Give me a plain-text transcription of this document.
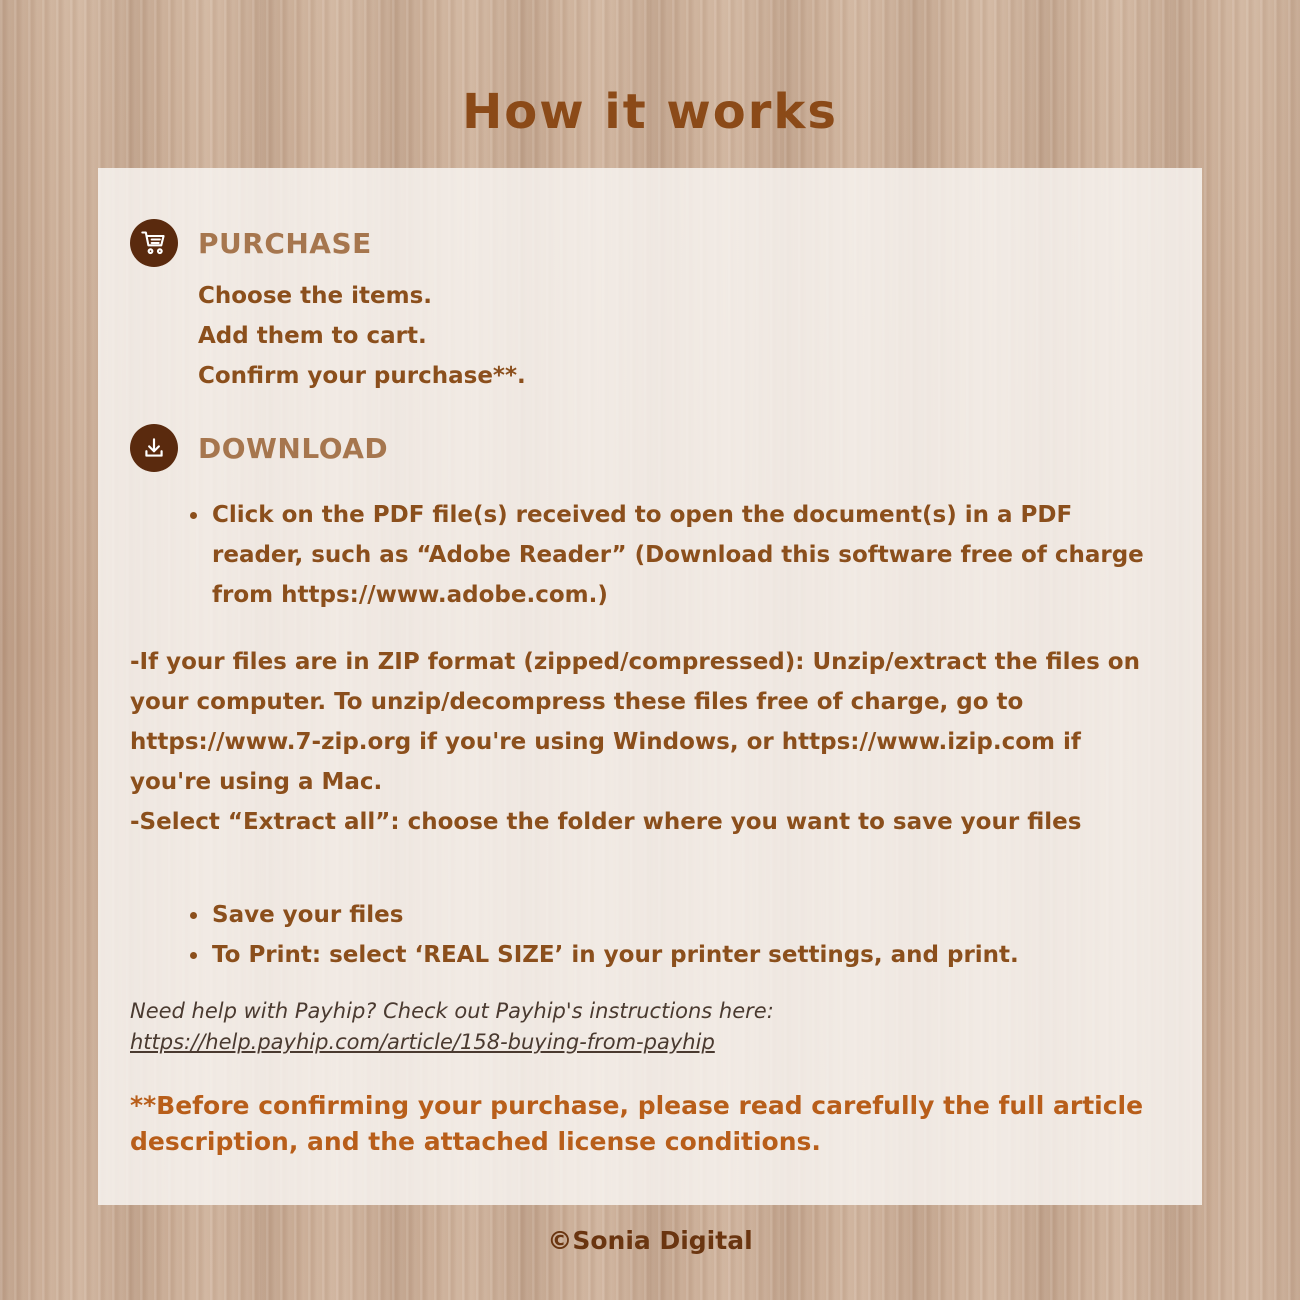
How it works
PURCHASE
Choose the items.
Add them to cart.
Confirm your purchase**.
DOWNLOAD
Click on the PDF file(s) received to open the document(s) in a PDF reader, such as “Adobe Reader” (Download this software free of charge from https://www.adobe.com.)
-If your files are in ZIP format (zipped/compressed): Unzip/extract the files on your computer. To unzip/decompress these files free of charge, go to https://www.7-zip.org if you're using Windows, or https://www.izip.com if you're using a Mac.
-Select “Extract all”: choose the folder where you want to save your files
Save your files
To Print: select ‘REAL SIZE’ in your printer settings, and print.
Need help with Payhip? Check out Payhip's instructions here:
https://help.payhip.com/article/158-buying-from-payhip

**Before confirming your purchase, please read carefully the full article description, and the attached license conditions.

©Sonia Digital
